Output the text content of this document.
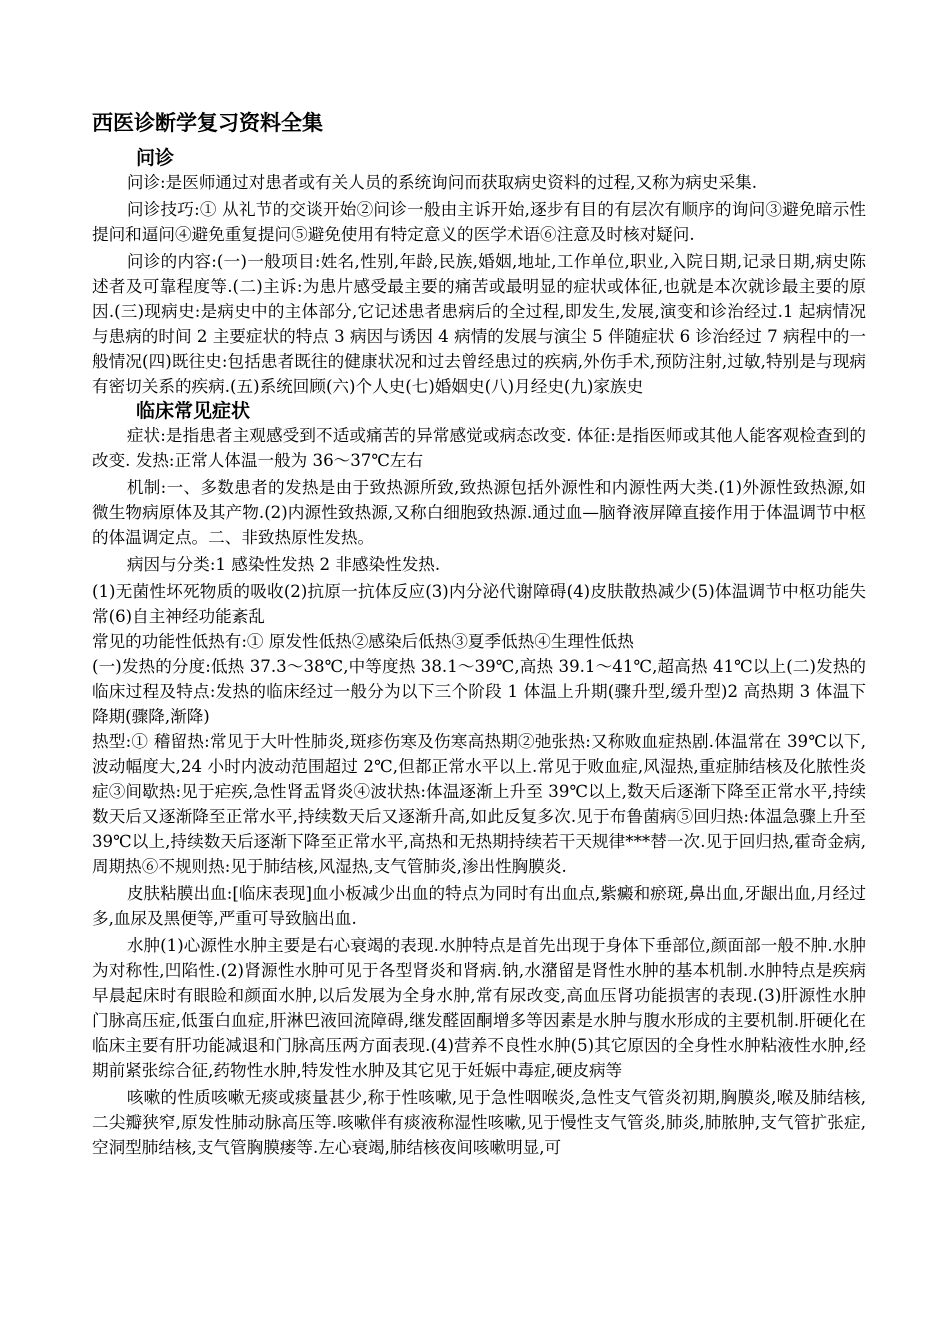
西医诊断学复习资料全集
问诊

问诊:是医师通过对患者或有关人员的系统询问而获取病史资料的过程,又称为病史采集.

问诊技巧:① 从礼节的交谈开始②问诊一般由主诉开始,逐步有目的有层次有顺序的询问③避免暗示性提问和逼问④避免重复提问⑤避免使用有特定意义的医学术语⑥注意及时核对疑问.

问诊的内容:(一)一般项目:姓名,性别,年龄,民族,婚姻,地址,工作单位,职业,入院日期,记录日期,病史陈述者及可靠程度等.(二)主诉:为患片感受最主要的痛苦或最明显的症状或体征,也就是本次就诊最主要的原因.(三)现病史:是病史中的主体部分,它记述患者患病后的全过程,即发生,发展,演变和诊治经过.1 起病情况与患病的时间 2 主要症状的特点 3 病因与诱因 4 病情的发展与演尘 5 伴随症状 6 诊治经过 7 病程中的一般情况(四)既往史:包括患者既往的健康状况和过去曾经患过的疾病,外伤手术,预防注射,过敏,特别是与现病有密切关系的疾病.(五)系统回顾(六)个人史(七)婚姻史(八)月经史(九)家族史

临床常见症状

症状:是指患者主观感受到不适或痛苦的异常感觉或病态改变. 体征:是指医师或其他人能客观检查到的改变. 发热:正常人体温一般为 36～37℃左右

机制:一、多数患者的发热是由于致热源所致,致热源包括外源性和内源性两大类.(1)外源性致热源,如微生物病原体及其产物.(2)内源性致热源,又称白细胞致热源.通过血—脑脊液屏障直接作用于体温调节中枢的体温调定点。二、非致热原性发热。

病因与分类:1 感染性发热 2 非感染性发热.

(1)无菌性坏死物质的吸收(2)抗原一抗体反应(3)内分泌代谢障碍(4)皮肤散热减少(5)体温调节中枢功能失常(6)自主神经功能紊乱

常见的功能性低热有:① 原发性低热②感染后低热③夏季低热④生理性低热

(一)发热的分度:低热 37.3～38℃,中等度热 38.1～39℃,高热 39.1～41℃,超高热 41℃以上(二)发热的临床过程及特点:发热的临床经过一般分为以下三个阶段 1 体温上升期(骤升型,缓升型)2 高热期 3 体温下降期(骤降,渐降)

热型:① 稽留热:常见于大叶性肺炎,斑疹伤寒及伤寒高热期②弛张热:又称败血症热剧.体温常在 39℃以下,波动幅度大,24 小时内波动范围超过 2℃,但都正常水平以上.常见于败血症,风湿热,重症肺结核及化脓性炎症③间歇热:见于疟疾,急性肾盂肾炎④波状热:体温逐渐上升至 39℃以上,数天后逐渐下降至正常水平,持续数天后又逐渐降至正常水平,持续数天后又逐渐升高,如此反复多次.见于布鲁菌病⑤回归热:体温急骤上升至 39℃以上,持续数天后逐渐下降至正常水平,高热和无热期持续若干天规律***替一次.见于回归热,霍奇金病,周期热⑥不规则热:见于肺结核,风湿热,支气管肺炎,渗出性胸膜炎.

皮肤粘膜出血:[临床表现]血小板减少出血的特点为同时有出血点,紫癜和瘀斑,鼻出血,牙龈出血,月经过多,血尿及黑便等,严重可导致脑出血.

水肿(1)心源性水肿主要是右心衰竭的表现.水肿特点是首先出现于身体下垂部位,颜面部一般不肿.水肿为对称性,凹陷性.(2)肾源性水肿可见于各型肾炎和肾病.钠,水潴留是肾性水肿的基本机制.水肿特点是疾病早晨起床时有眼睑和颜面水肿,以后发展为全身水肿,常有尿改变,高血压肾功能损害的表现.(3)肝源性水肿门脉高压症,低蛋白血症,肝淋巴液回流障碍,继发醛固酮增多等因素是水肿与腹水形成的主要机制.肝硬化在临床主要有肝功能减退和门脉高压两方面表现.(4)营养不良性水肿(5)其它原因的全身性水肿粘液性水肿,经期前紧张综合征,药物性水肿,特发性水肿及其它见于妊娠中毒症,硬皮病等

咳嗽的性质咳嗽无痰或痰量甚少,称于性咳嗽,见于急性咽喉炎,急性支气管炎初期,胸膜炎,喉及肺结核,二尖瓣狭窄,原发性肺动脉高压等.咳嗽伴有痰液称湿性咳嗽,见于慢性支气管炎,肺炎,肺脓肿,支气管扩张症,空洞型肺结核,支气管胸膜瘘等.左心衰竭,肺结核夜间咳嗽明显,可
